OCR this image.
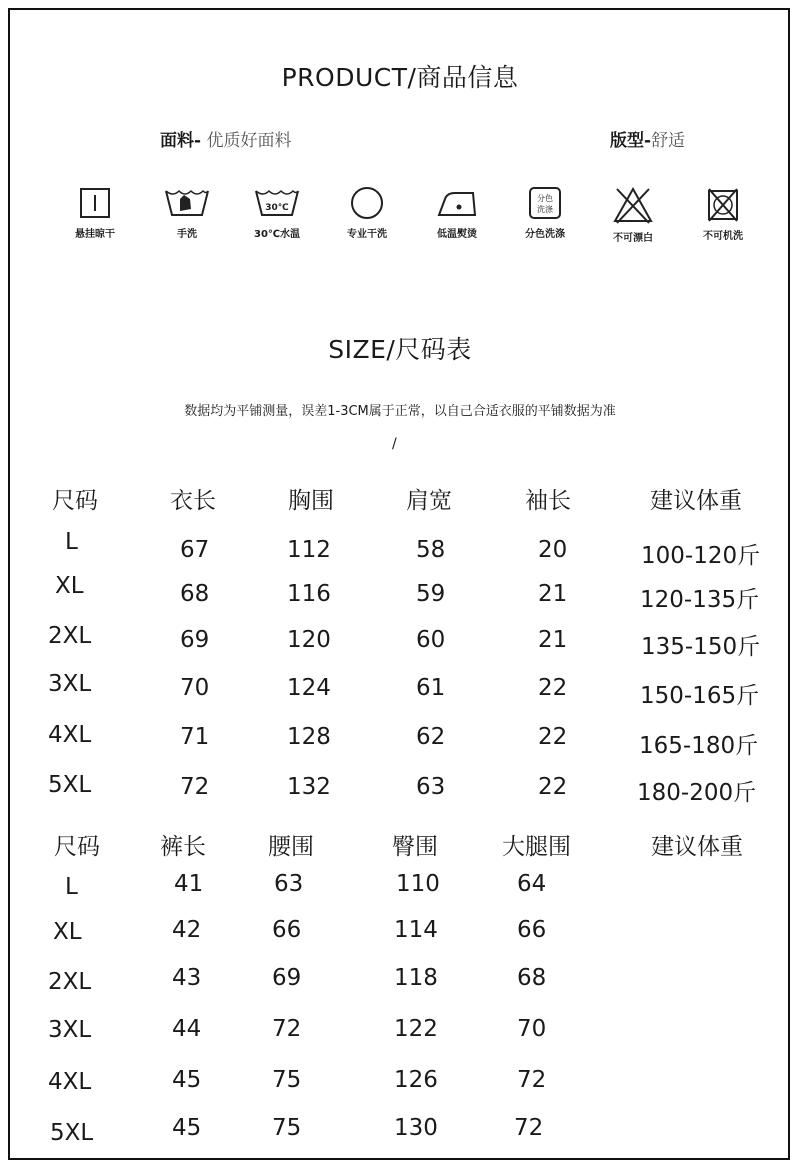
PRODUCT/商品信息
面料- 优质好面料	版型-舒适
悬挂晾干	手洗
30℃
30℃水温	专业干洗	低温熨烫
分色
洗涤
分色洗涤	不可漂白	不可机洗
SIZE/尺码表
数据均为平铺测量，误差1-3CM属于正常，以自己合适衣服的平铺数据为准
/
尺码	衣长	胸围	肩宽	袖长	建议体重
L	67	112	58	20	100-120斤
XL	68	116	59	21	120-135斤
2XL	69	120	60	21	135-150斤
3XL	70	124	61	22	150-165斤
4XL	71	128	62	22	165-180斤
5XL	72	132	63	22	180-200斤
尺码	裤长	腰围	臀围	大腿围	建议体重
L	41	63	110	64
XL	42	66	114	66
2XL	43	69	118	68
3XL	44	72	122	70
4XL	45	75	126	72
5XL	45	75	130	72
